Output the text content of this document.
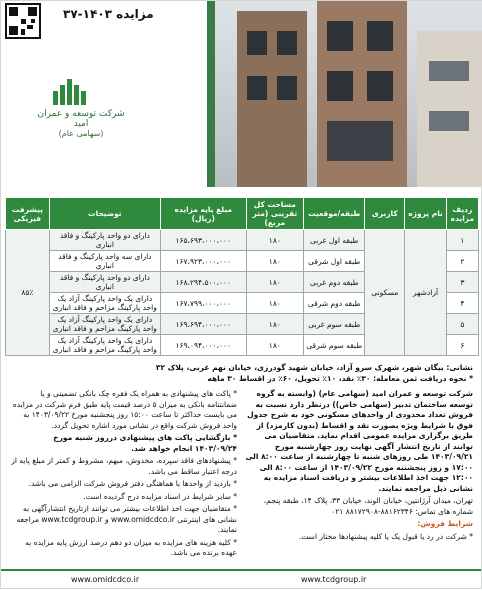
مزایده ۱۴۰۳-۳۷
شرکت توسعه و عمران امید
(سهامی عام)
ردیف مزایده	نام پروژه	کاربری	طبقه/موقعیت	مساحت کل تقریبی (متر مربع)	مبلغ پایه مزایده (ریال)	توضیحات	پیشرفت فیزیکی
۱	آزادشهر	مسکونی	طبقه اول غربی	۱۸۰	۱۶۵،۶۹۳،۰۰۰،۰۰۰	دارای دو واحد پارکینگ و فاقد انباری	۸۵٪
۲			طبقه اول شرقی	۱۸۰	۱۶۷،۹۲۳،۰۰۰،۰۰۰	دارای سه واحد پارکینگ و فاقد انباری	
۳			طبقه دوم غربی	۱۸۰	۱۶۸،۲۹۴،۵۰۰،۰۰۰	دارای دو واحد پارکینگ و فاقد انباری	
۴			طبقه دوم شرقی	۱۸۰	۱۶۷،۷۹۹،۰۰۰،۰۰۰	دارای یک واحد پارکینگ آزاد یک واحد پارکینگ مزاحم و فاقد انباری	
۵			طبقه سوم غربی	۱۸۰	۱۶۹،۶۹۴،۰۰۰،۰۰۰	دارای یک واحد پارکینگ آزاد یک واحد پارکینگ مزاحم و فاقد انباری	
۶			طبقه سوم شرقی	۱۸۰	۱۶۹،۰۹۴،۰۰۰،۰۰۰	دارای یک واحد پارکینگ آزاد یک واحد پارکینگ مزاحم و فاقد انباری	
نشانی: بیگان شهر، شهرک سرو آزاد، خیابان شهید گودرزی، خیابان نهم غربی، پلاک ۳۲
* نحوه دریافت ثمن معامله: ۳۰٪ نقد، ۱۰٪ تحویل، ۶۰٪ در اقساط ۳۰ ماهه

شرکت توسعه و عمران امید (سهامی عام) (وابسته به گروه توسعه ساختمان تدبیر (سهامی خاص)) درنظر دارد نسبت به فروش تعداد محدودی از واحدهای مسکونی خود به شرح جدول فوق با شرایط ویژه بصورت نقد و اقساط (بدون کارمزد) از طریق برگزاری مزایده عمومی اقدام نماید. متقاضیان می توانند از تاریخ انتشار آگهی نهایت روز چهارشنبه مورخ ۱۴۰۳/۰۹/۲۱ طی روزهای شنبه تا چهارشنبه از ساعت ۸:۰۰ الی ۱۷:۰۰ و روز پنجشنبه مورخ ۱۴۰۳/۰۹/۲۲ از ساعت ۸:۰۰ الی ۱۲:۰۰ جهت اخذ اطلاعات بیشتر و دریافت اسناد مزایده به نشانی ذیل مراجعه نمایند.

تهران، میدان آرژانتین، خیابان الوند، خیابان ۳۳، پلاک ۱۴، طبقه پنجم، شماره های تماس: ۸۸۱۶۲۳۴۶-۸۸۱۷۲۹۰۸ ۰۲۱

شرایط فروش:

* شرکت در رد یا قبول یک یا کلیه پیشنهادها مختار است.

* پاکت های پیشنهادی به همراه یک فقره چک بانکی تضمینی و یا ضمانتنامه بانکی به میزان ۵ درصد قیمت پایه طبق فرم شرکت در مزایده می بایست حداکثر تا ساعت ۱۵:۰۰ روز پنجشنبه مورخ ۱۴۰۳/۰۹/۲۲ به واحد فروش شرکت واقع در نشانی مورد اشاره تحویل گردد.

* بازگشایی پاکت های پیشنهادی درروز شنبه مورخ ۱۴۰۳/۰۹/۲۴ انجام خواهد شد.

* پیشنهادهای فاقد سپرده، مخدوش، مبهم، مشروط و کمتر از مبلغ پایه از درجه اعتبار ساقط می باشد.

* بازدید از واحدها با هماهنگی دفتر فروش شرکت الزامی می باشد.

* سایر شرایط در اسناد مزایده درج گردیده است.

* متقاضیان جهت اخذ اطلاعات بیشتر می توانند ازتاریخ انتشارآگهی به نشانی های اینترنتی www.omidcdco.ir و www.tcdgroup.ir مراجعه نمایند.

* کلیه هزینه های مزایده به میزان دو دهم درصد ارزش پایه مزایده به عهده برنده می باشد.

www.omidcdco.ir	www.tcdgroup.ir
